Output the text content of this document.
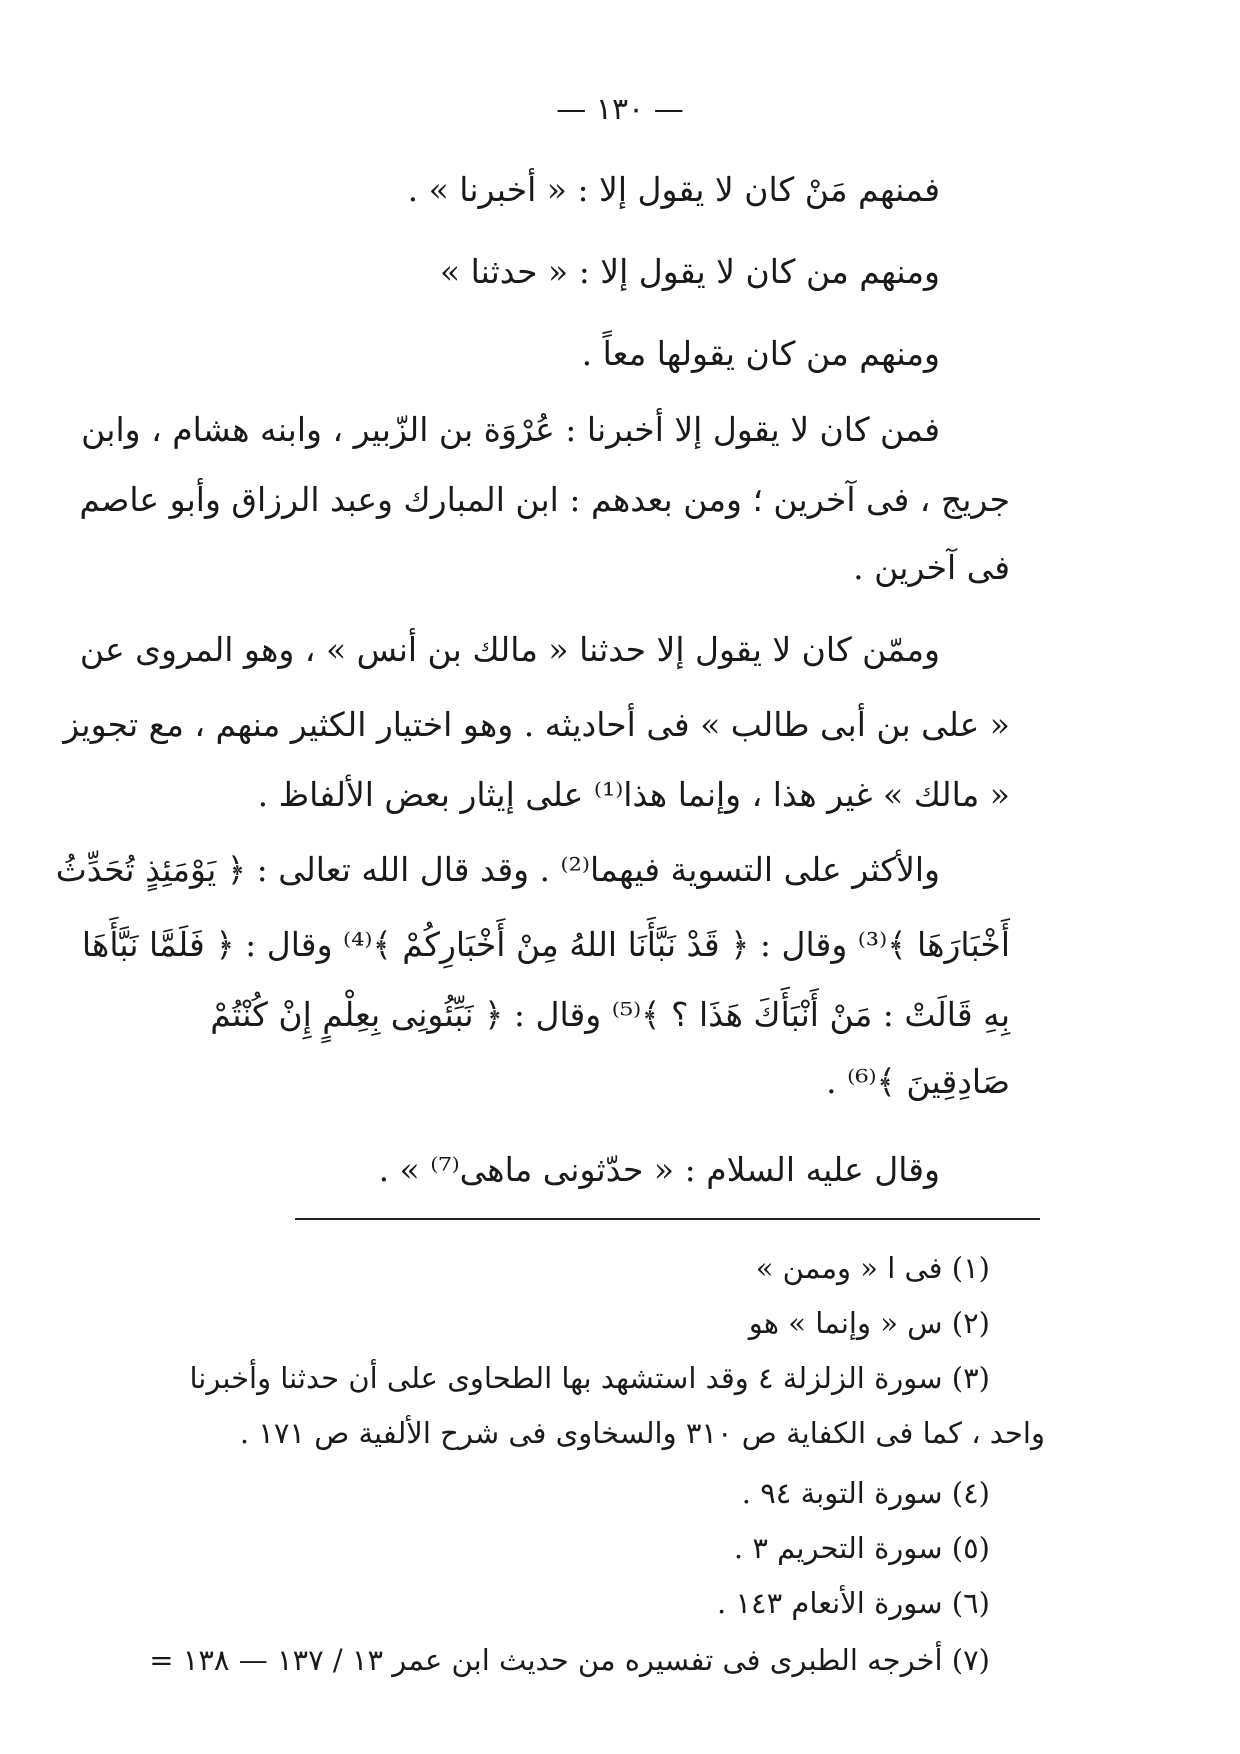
— ١٣٠ —
فمنهم مَنْ كان لا يقول إلا : « أخبرنا » .
ومنهم من كان لا يقول إلا : « حدثنا »
ومنهم من كان يقولها معاً .
فمن كان لا يقول إلا أخبرنا : عُرْوَة بن الزّبير ، وابنه هشام ، وابن
جريج ، فى آخرين ؛ ومن بعدهم : ابن المبارك وعبد الرزاق وأبو عاصم
فى آخرين .
وممّن كان لا يقول إلا حدثنا « مالك بن أنس » ، وهو المروى عن
« على بن أبى طالب » فى أحاديثه . وهو اختيار الكثير منهم ، مع تجويز
« مالك » غير هذا ، وإنما هذا⁽¹⁾ على إيثار بعض الألفاظ .
والأكثر على التسوية فيهما⁽²⁾ . وقد قال الله تعالى : ﴿ يَوْمَئِذٍ تُحَدِّثُ
أَخْبَارَهَا ﴾⁽³⁾ وقال : ﴿ قَدْ نَبَّأَنَا اللهُ مِنْ أَخْبَارِكُمْ ﴾⁽⁴⁾ وقال : ﴿ فَلَمَّا نَبَّأَهَا
بِهِ قَالَتْ : مَنْ أَنْبَأَكَ هَذَا ؟ ﴾⁽⁵⁾ وقال : ﴿ نَبِّئُونِى بِعِلْمٍ إِنْ كُنْتُمْ
صَادِقِينَ ﴾⁽⁶⁾ .
وقال عليه السلام : « حدّثونى ماهى⁽⁷⁾ » .
(١) فى ا « وممن »
(٢) س « وإنما » هو
(٣) سورة الزلزلة ٤ وقد استشهد بها الطحاوى على أن حدثنا وأخبرنا
واحد ، كما فى الكفاية ص ٣١٠ والسخاوى فى شرح الألفية ص ١٧١ .
(٤) سورة التوبة ٩٤ .
(٥) سورة التحريم ٣ .
(٦) سورة الأنعام ١٤٣ .
(٧) أخرجه الطبرى فى تفسيره من حديث ابن عمر ١٣ / ١٣٧ — ١٣٨ =
